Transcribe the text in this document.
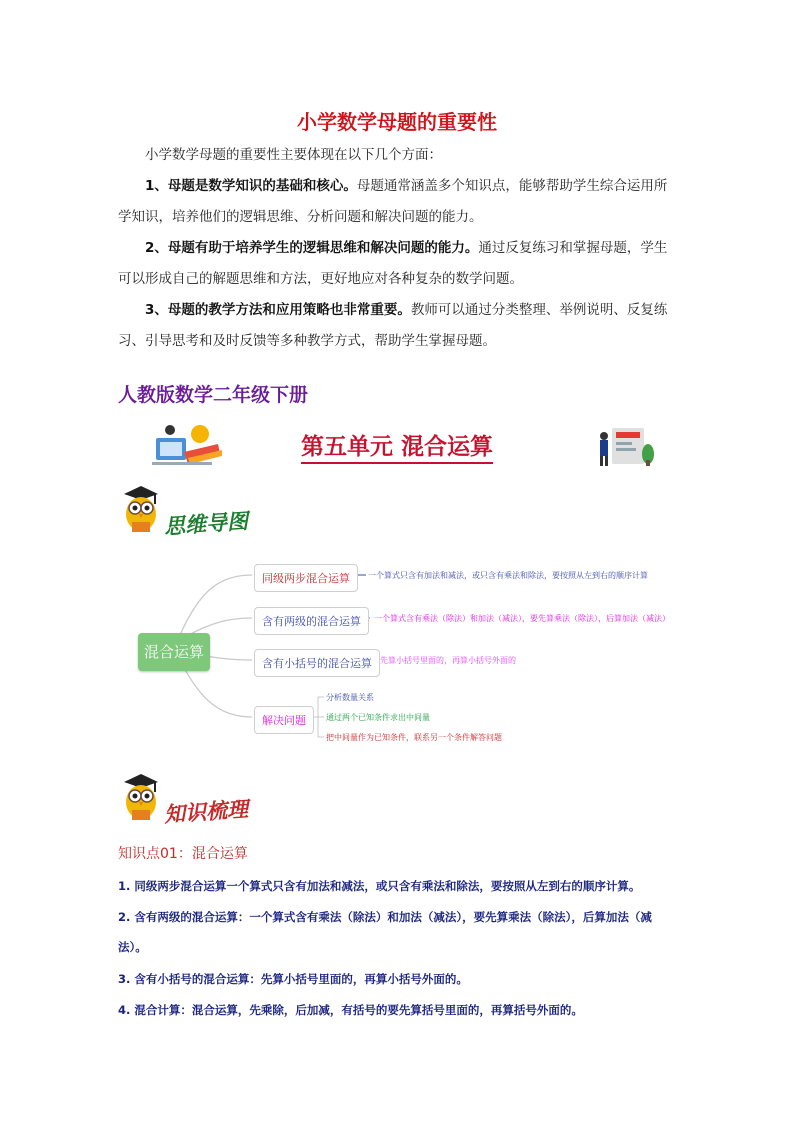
小学数学母题的重要性
小学数学母题的重要性主要体现在以下几个方面：
1、母题是数学知识的基础和核心。母题通常涵盖多个知识点，能够帮助学生综合运用所学知识，培养他们的逻辑思维、分析问题和解决问题的能力。
2、母题有助于培养学生的逻辑思维和解决问题的能力。通过反复练习和掌握母题，学生可以形成自己的解题思维和方法，更好地应对各种复杂的数学问题。
3、母题的教学方法和应用策略也非常重要。教师可以通过分类整理、举例说明、反复练习、引导思考和及时反馈等多种教学方式，帮助学生掌握母题。
人教版数学二年级下册
第五单元 混合运算
思维导图
混合运算
同级两步混合运算	一个算式只含有加法和减法，或只含有乘法和除法，要按照从左到右的顺序计算
含有两级的混合运算	一个算式含有乘法（除法）和加法（减法），要先算乘法（除法），后算加法（减法）
含有小括号的混合运算	先算小括号里面的，再算小括号外面的
解决问题
分析数量关系
通过两个已知条件求出中间量
把中间量作为已知条件，联系另一个条件解答问题
知识梳理
知识点01：混合运算
1. 同级两步混合运算一个算式只含有加法和减法，或只含有乘法和除法，要按照从左到右的顺序计算。
2. 含有两级的混合运算：一个算式含有乘法（除法）和加法（减法），要先算乘法（除法），后算加法（减法）。
3. 含有小括号的混合运算：先算小括号里面的，再算小括号外面的。
4. 混合计算：混合运算，先乘除，后加减，有括号的要先算括号里面的，再算括号外面的。
